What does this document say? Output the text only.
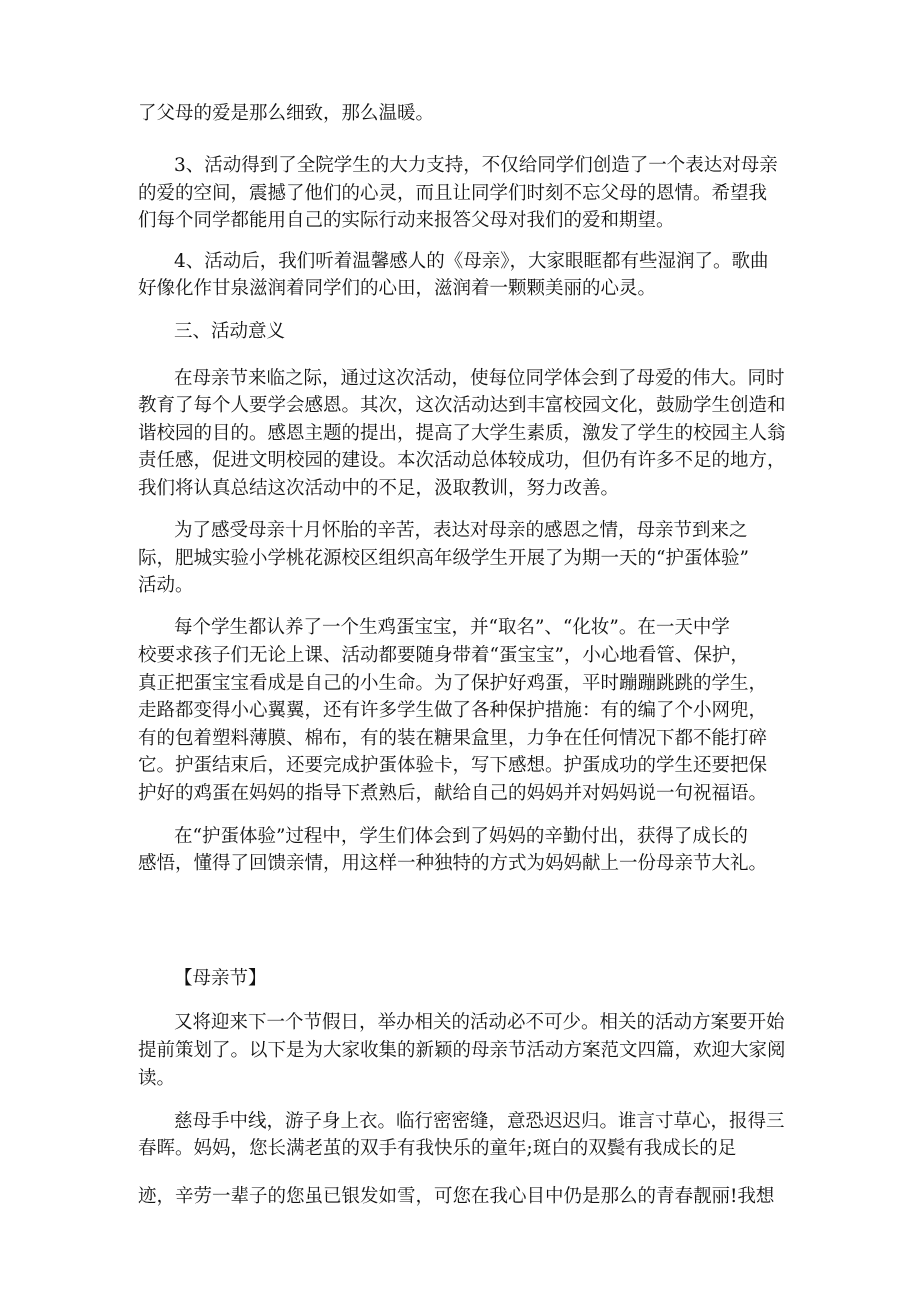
了父母的爱是那么细致，那么温暖。
3、活动得到了全院学生的大力支持，不仅给同学们创造了一个表达对母亲
的爱的空间，震撼了他们的心灵，而且让同学们时刻不忘父母的恩情。希望我
们每个同学都能用自己的实际行动来报答父母对我们的爱和期望。
4、活动后，我们听着温馨感人的《母亲》，大家眼眶都有些湿润了。歌曲
好像化作甘泉滋润着同学们的心田，滋润着一颗颗美丽的心灵。
三、活动意义
在母亲节来临之际，通过这次活动，使每位同学体会到了母爱的伟大。同时
教育了每个人要学会感恩。其次，这次活动达到丰富校园文化，鼓励学生创造和
谐校园的目的。感恩主题的提出，提高了大学生素质，激发了学生的校园主人翁
责任感，促进文明校园的建设。本次活动总体较成功，但仍有许多不足的地方，
我们将认真总结这次活动中的不足，汲取教训，努力改善。
为了感受母亲十月怀胎的辛苦，表达对母亲的感恩之情，母亲节到来之
际，肥城实验小学桃花源校区组织高年级学生开展了为期一天的“护蛋体验”
活动。
每个学生都认养了一个生鸡蛋宝宝，并“取名”、“化妆”。在一天中学
校要求孩子们无论上课、活动都要随身带着“蛋宝宝”，小心地看管、保护，
真正把蛋宝宝看成是自己的小生命。为了保护好鸡蛋，平时蹦蹦跳跳的学生，
走路都变得小心翼翼，还有许多学生做了各种保护措施：有的编了个小网兜，
有的包着塑料薄膜、棉布，有的装在糖果盒里，力争在任何情况下都不能打碎
它。护蛋结束后，还要完成护蛋体验卡，写下感想。护蛋成功的学生还要把保
护好的鸡蛋在妈妈的指导下煮熟后，献给自己的妈妈并对妈妈说一句祝福语。
在“护蛋体验”过程中，学生们体会到了妈妈的辛勤付出，获得了成长的
感悟，懂得了回馈亲情，用这样一种独特的方式为妈妈献上一份母亲节大礼。
【母亲节】
又将迎来下一个节假日，举办相关的活动必不可少。相关的活动方案要开始
提前策划了。以下是为大家收集的新颖的母亲节活动方案范文四篇，欢迎大家阅
读。
慈母手中线，游子身上衣。临行密密缝，意恐迟迟归。谁言寸草心，报得三
春晖。妈妈，您长满老茧的双手有我快乐的童年;斑白的双鬓有我成长的足
迹，辛劳一辈子的您虽已银发如雪，可您在我心目中仍是那么的青春靓丽!我想
